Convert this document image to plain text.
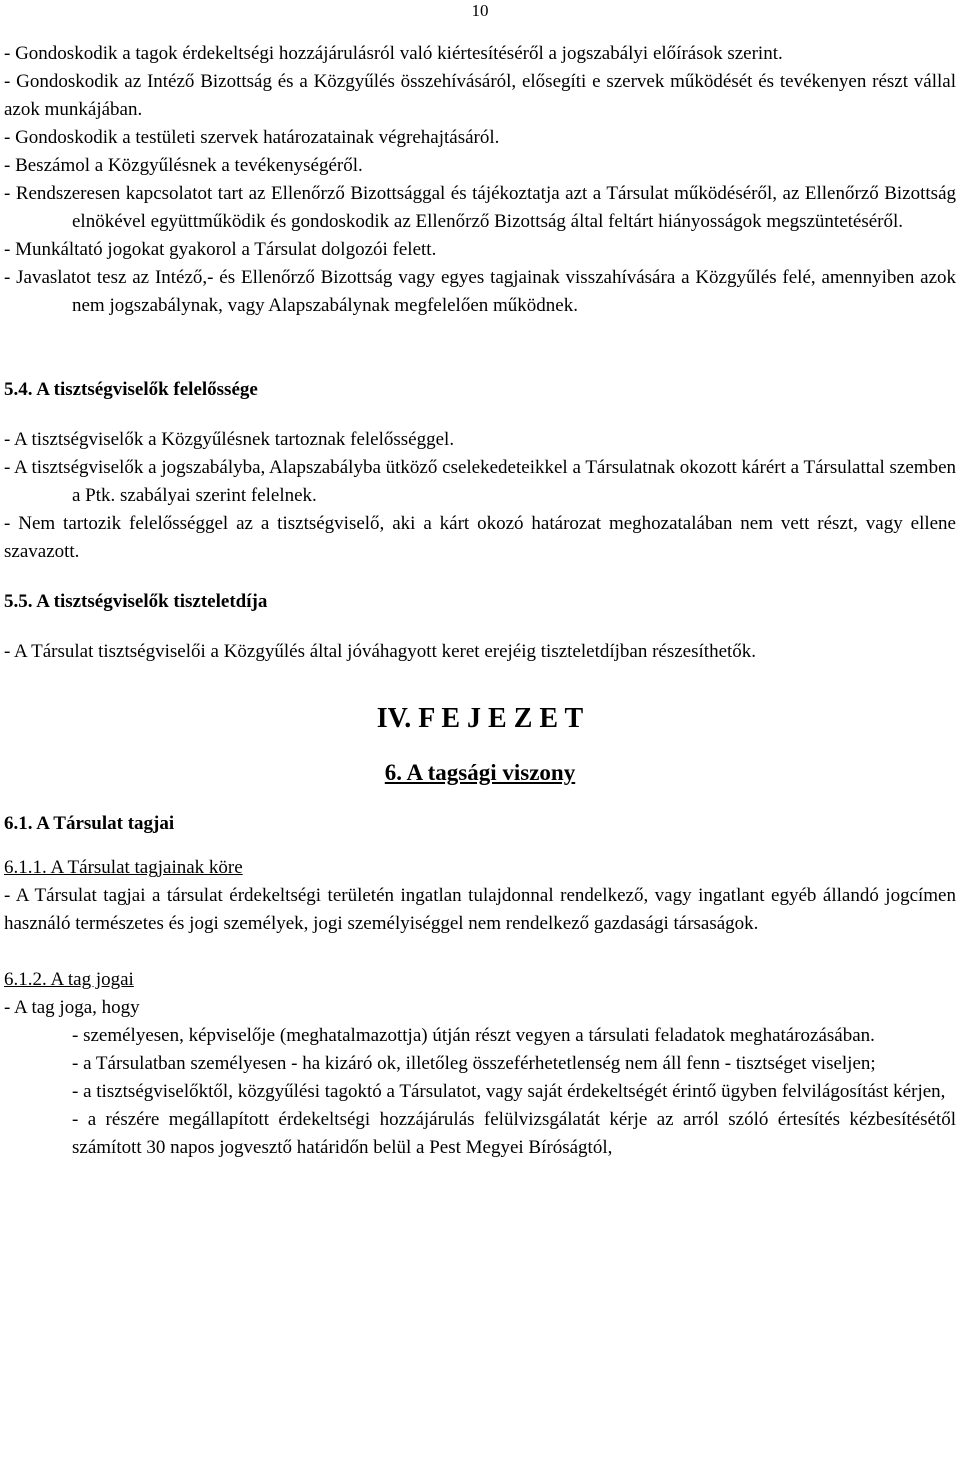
10

- Gondoskodik a tagok érdekeltségi hozzájárulásról való kiértesítéséről a jogszabályi előírások szerint.

- Gondoskodik az Intéző Bizottság és a Közgyűlés összehívásáról, elősegíti e szervek működését és tevékenyen részt vállal azok munkájában.

- Gondoskodik a testületi szervek határozatainak végrehajtásáról.

- Beszámol a Közgyűlésnek a tevékenységéről.

- Rendszeresen kapcsolatot tart az Ellenőrző Bizottsággal és tájékoztatja azt a Társulat működéséről, az Ellenőrző Bizottság elnökével együttműködik és gondoskodik az Ellenőrző Bizottság által feltárt hiányosságok megszüntetéséről.

- Munkáltató jogokat gyakorol a Társulat dolgozói felett.

- Javaslatot tesz az Intéző,- és Ellenőrző Bizottság vagy egyes tagjainak visszahívására a Közgyűlés felé, amennyiben azok nem jogszabálynak, vagy Alapszabálynak megfelelően működnek.

5.4. A tisztségviselők felelőssége

- A tisztségviselők a Közgyűlésnek tartoznak felelősséggel.

- A tisztségviselők a jogszabályba, Alapszabályba ütköző cselekedeteikkel a Társulatnak okozott kárért a Társulattal szemben a Ptk. szabályai szerint felelnek.

- Nem tartozik felelősséggel az a tisztségviselő, aki a kárt okozó határozat meghozatalában nem vett részt, vagy ellene szavazott.

5.5. A tisztségviselők tiszteletdíja

- A Társulat tisztségviselői a Közgyűlés által jóváhagyott keret erejéig tiszteletdíjban részesíthetők.

IV. F E J E Z E T
6. A tagsági viszony

6.1. A Társulat tagjai

6.1.1. A Társulat tagjainak köre

- A Társulat tagjai a társulat érdekeltségi területén ingatlan tulajdonnal rendelkező, vagy ingatlant egyéb állandó jogcímen használó természetes és jogi személyek, jogi személyiséggel nem rendelkező gazdasági társaságok.

6.1.2. A tag jogai

- A tag joga, hogy

- személyesen, képviselője (meghatalmazottja) útján részt vegyen a társulati feladatok meghatározásában.

- a Társulatban személyesen - ha kizáró ok, illetőleg összeférhetetlenség nem áll fenn - tisztséget viseljen;

- a tisztségviselőktől, közgyűlési tagoktó a Társulatot, vagy saját érdekeltségét érintő ügyben felvilágosítást kérjen,

- a részére megállapított érdekeltségi hozzájárulás felülvizsgálatát kérje az arról szóló értesítés kézbesítésétől számított 30 napos jogvesztő határidőn belül a Pest Megyei Bíróságtól,
